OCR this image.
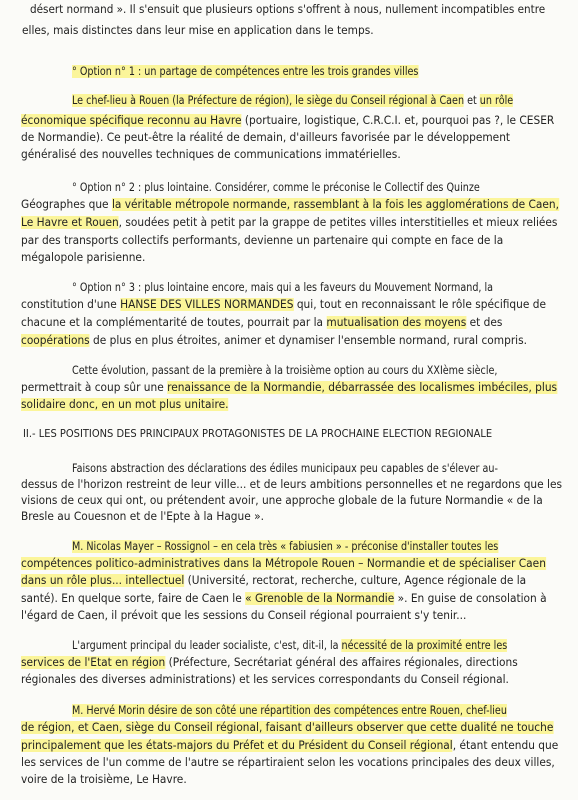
désert normand ». Il s'ensuit que plusieurs options s'offrent à nous, nullement incompatibles entre
elles, mais distinctes dans leur mise en application dans le temps.
° Option n° 1 : un partage de compétences entre les trois grandes villes
Le chef-lieu à Rouen (la Préfecture de région), le siège du Conseil régional à Caen et un rôle
économique spécifique reconnu au Havre (portuaire, logistique, C.R.C.I. et, pourquoi pas ?, le CESER
de Normandie). Ce peut-être la réalité de demain, d'ailleurs favorisée par le développement
généralisé des nouvelles techniques de communications immatérielles.
° Option n° 2 : plus lointaine. Considérer, comme le préconise le Collectif des Quinze
Géographes que la véritable métropole normande, rassemblant à la fois les agglomérations de Caen,
Le Havre et Rouen, soudées petit à petit par la grappe de petites villes interstitielles et mieux reliées
par des transports collectifs performants, devienne un partenaire qui compte en face de la
mégalopole parisienne.
° Option n° 3 : plus lointaine encore, mais qui a les faveurs du Mouvement Normand, la
constitution d'une HANSE DES VILLES NORMANDES qui, tout en reconnaissant le rôle spécifique de
chacune et la complémentarité de toutes, pourrait par la mutualisation des moyens et des
coopérations de plus en plus étroites, animer et dynamiser l'ensemble normand, rural compris.
Cette évolution, passant de la première à la troisième option au cours du XXIème siècle,
permettrait à coup sûr une renaissance de la Normandie, débarrassée des localismes imbéciles, plus
solidaire donc, en un mot plus unitaire.
II.- LES POSITIONS DES PRINCIPAUX PROTAGONISTES DE LA PROCHAINE ELECTION REGIONALE
Faisons abstraction des déclarations des édiles municipaux peu capables de s'élever au-
dessus de l'horizon restreint de leur ville... et de leurs ambitions personnelles et ne regardons que les
visions de ceux qui ont, ou prétendent avoir, une approche globale de la future Normandie « de la
Bresle au Couesnon et de l'Epte à la Hague ».
M. Nicolas Mayer – Rossignol – en cela très « fabiusien » - préconise d'installer toutes les
compétences politico-administratives dans la Métropole Rouen – Normandie et de spécialiser Caen
dans un rôle plus... intellectuel (Université, rectorat, recherche, culture, Agence régionale de la
santé). En quelque sorte, faire de Caen le « Grenoble de la Normandie ». En guise de consolation à
l'égard de Caen, il prévoit que les sessions du Conseil régional pourraient s'y tenir...
L'argument principal du leader socialiste, c'est, dit-il, la nécessité de la proximité entre les
services de l'Etat en région (Préfecture, Secrétariat général des affaires régionales, directions
régionales des diverses administrations) et les services correspondants du Conseil régional.
M. Hervé Morin désire de son côté une répartition des compétences entre Rouen, chef-lieu
de région, et Caen, siège du Conseil régional, faisant d'ailleurs observer que cette dualité ne touche
principalement que les états-majors du Préfet et du Président du Conseil régional, étant entendu que
les services de l'un comme de l'autre se répartiraient selon les vocations principales des deux villes,
voire de la troisième, Le Havre.
